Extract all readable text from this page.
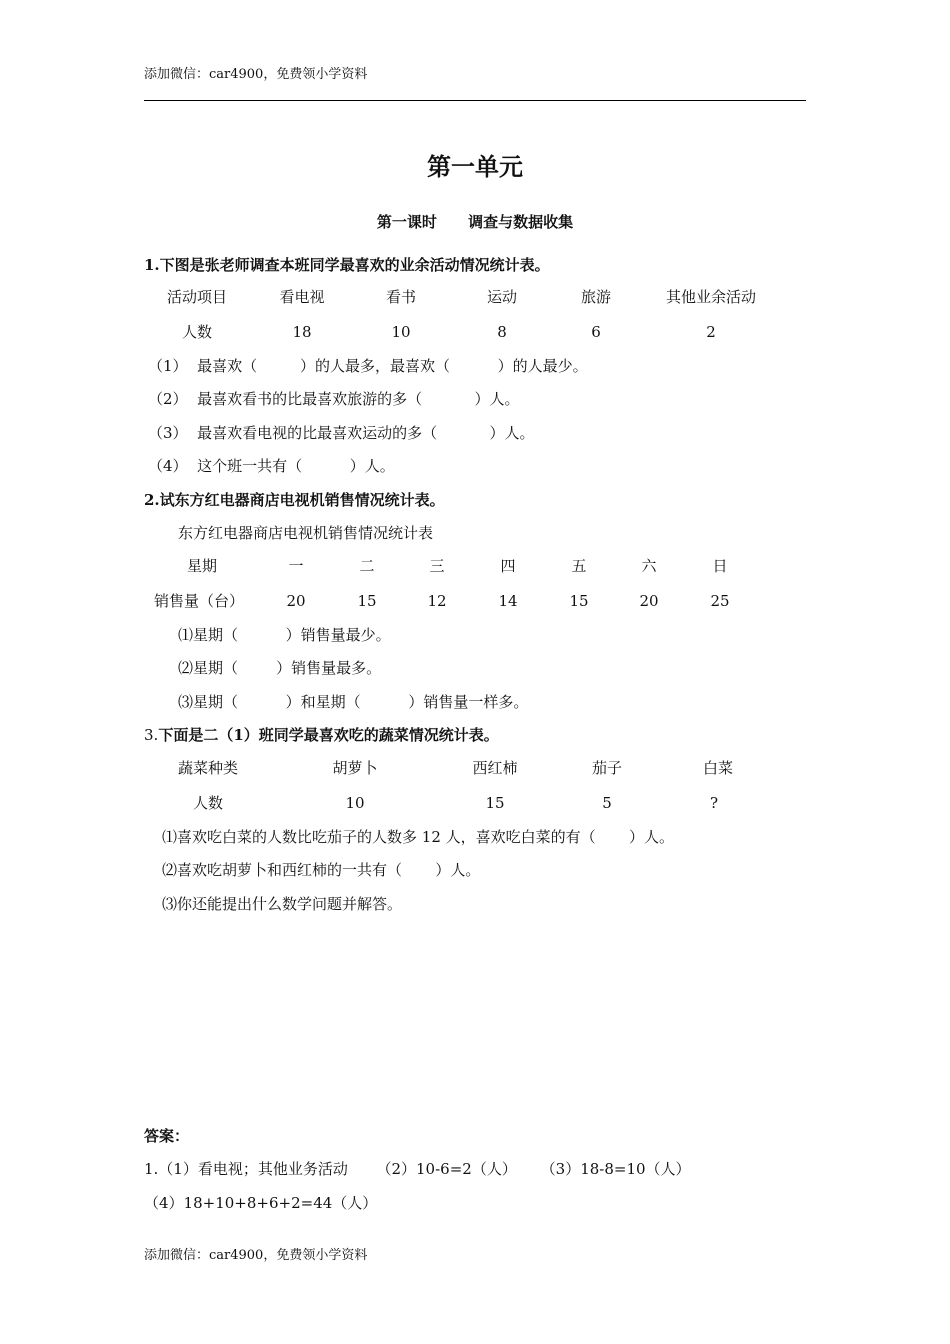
添加微信：car4900，免费领小学资料
第一单元
第一课时      调查与数据收集
1.下图是张老师调查本班同学最喜欢的业余活动情况统计表。
活动项目	看电视	看书	运动	旅游	其他业余活动
人数	18	10	8	6	2
（1）  最喜欢（         ）的人最多，最喜欢（          ）的人最少。
（2）  最喜欢看书的比最喜欢旅游的多（           ）人。
（3）  最喜欢看电视的比最喜欢运动的多（           ）人。
（4）  这个班一共有（          ）人。
2.试东方红电器商店电视机销售情况统计表。
东方红电器商店电视机销售情况统计表
星期	一	二	三	四	五	六	日
销售量（台）	20	15	12	14	15	20	25
⑴星期（          ）销售量最少。
⑵星期（        ）销售量最多。
⑶星期（          ）和星期（          ）销售量一样多。
3.下面是二（1）班同学最喜欢吃的蔬菜情况统计表。
蔬菜种类	胡萝卜	西红柿	茄子	白菜
人数	10	15	5	?
⑴喜欢吃白菜的人数比吃茄子的人数多 12 人，喜欢吃白菜的有（       ）人。
⑵喜欢吃胡萝卜和西红柿的一共有（       ）人。
⑶你还能提出什么数学问题并解答。
答案：
1.（1）看电视；其他业务活动      （2）10-6=2（人）     （3）18-8=10（人）
（4）18+10+8+6+2=44（人）
添加微信：car4900，免费领小学资料
